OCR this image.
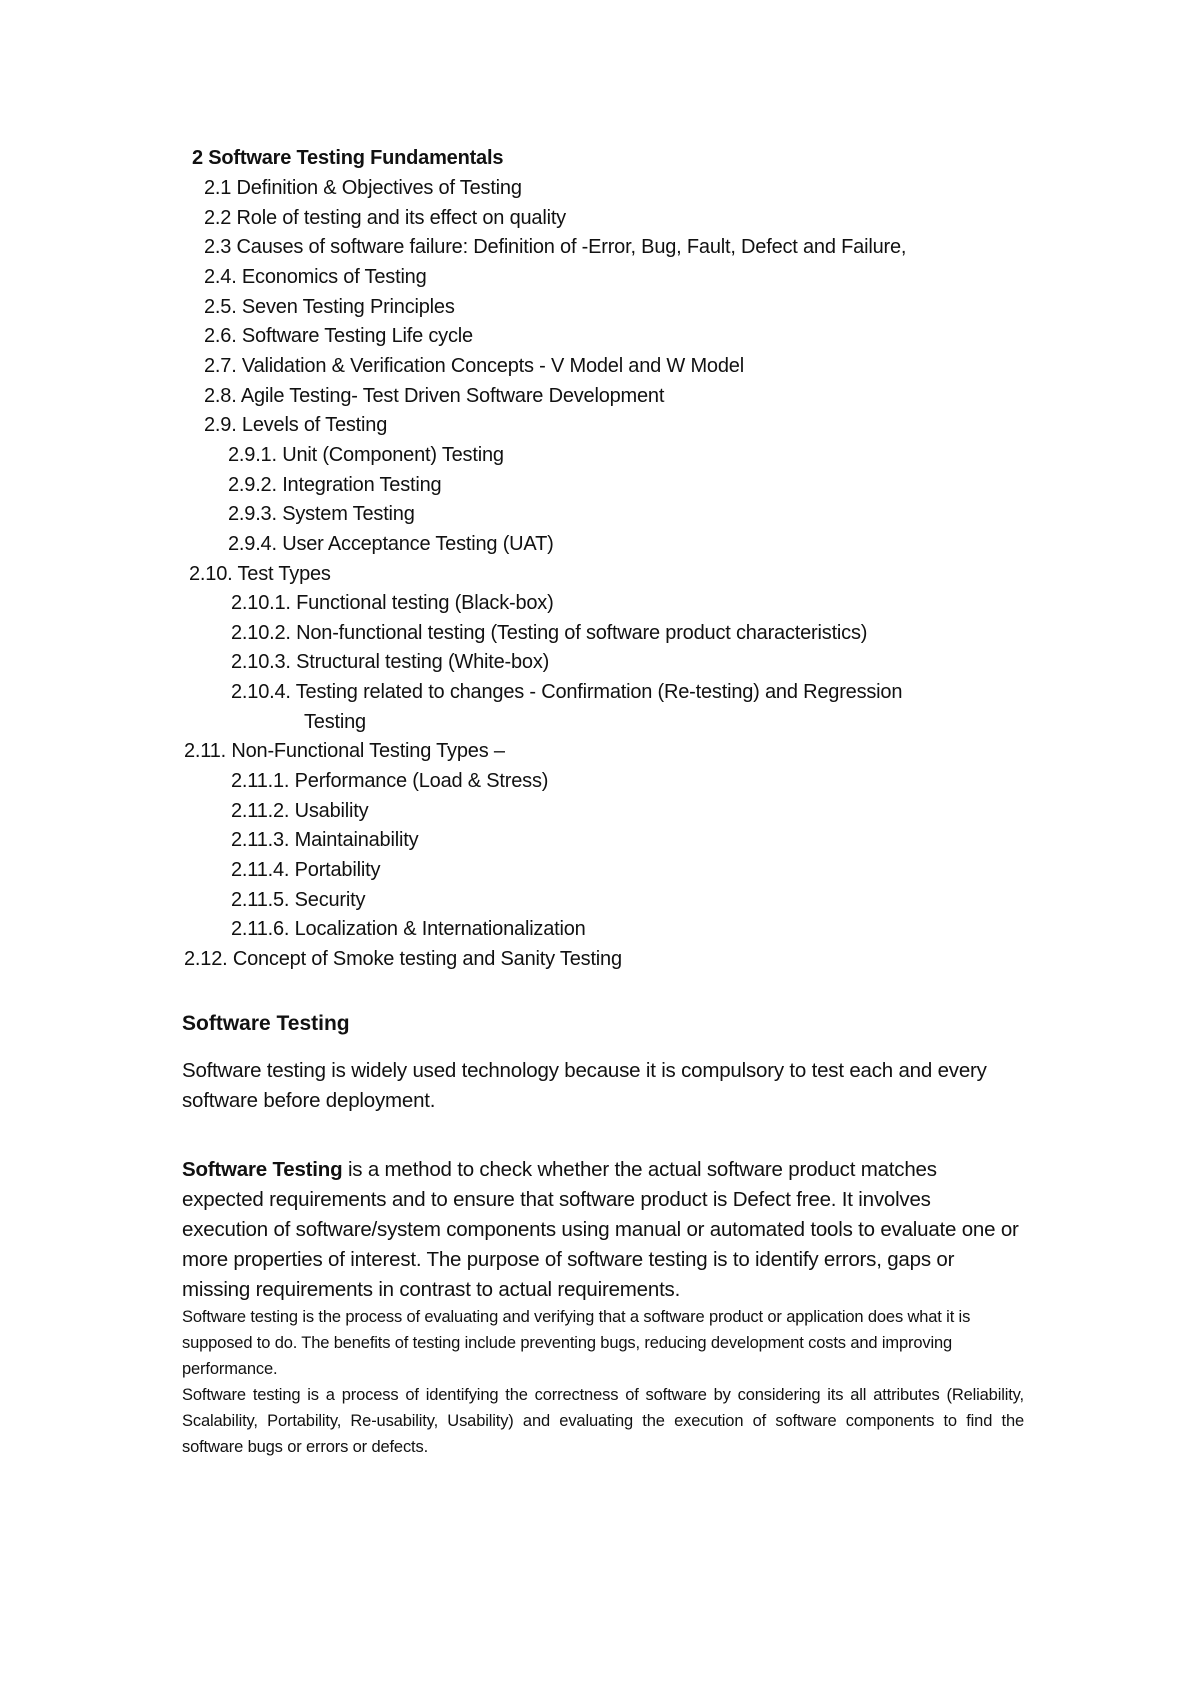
2 Software Testing Fundamentals
2.1 Definition & Objectives of Testing
2.2 Role of testing and its effect on quality
2.3 Causes of software failure: Definition of -Error, Bug, Fault, Defect and Failure,
2.4. Economics of Testing
2.5. Seven Testing Principles
2.6. Software Testing Life cycle
2.7. Validation & Verification Concepts - V Model and W Model
2.8. Agile Testing- Test Driven Software Development
2.9. Levels of Testing
2.9.1. Unit (Component) Testing
2.9.2. Integration Testing
2.9.3. System Testing
2.9.4. User Acceptance Testing (UAT)
2.10. Test Types
2.10.1. Functional testing (Black-box)
2.10.2. Non-functional testing (Testing of software product characteristics)
2.10.3. Structural testing (White-box)
2.10.4. Testing related to changes - Confirmation (Re-testing) and Regression
Testing
2.11. Non-Functional Testing Types –
2.11.1. Performance (Load & Stress)
2.11.2. Usability
2.11.3. Maintainability
2.11.4. Portability
2.11.5. Security
2.11.6. Localization & Internationalization
2.12. Concept of Smoke testing and Sanity Testing
Software Testing

Software testing is widely used technology because it is compulsory to test each and every software before deployment.

Software Testing is a method to check whether the actual software product matches expected requirements and to ensure that software product is Defect free. It involves execution of software/system components using manual or automated tools to evaluate one or more properties of interest. The purpose of software testing is to identify errors, gaps or missing requirements in contrast to actual requirements.

Software testing is the process of evaluating and verifying that a software product or application does what it is supposed to do. The benefits of testing include preventing bugs, reducing development costs and improving performance.

Software testing is a process of identifying the correctness of software by considering its all attributes (Reliability, Scalability, Portability, Re-usability, Usability) and evaluating the execution of software components to find the software bugs or errors or defects.
